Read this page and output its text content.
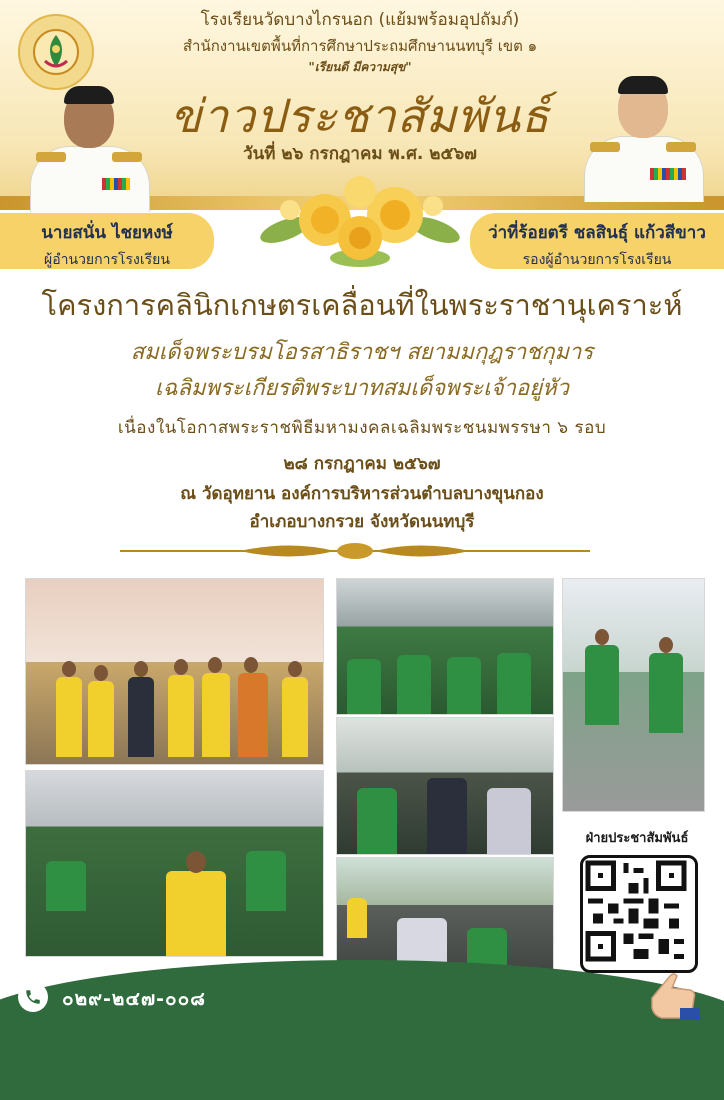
โรงเรียนวัดบางไกรนอก (แย้มพร้อมอุปถัมภ์)
สำนักงานเขตพื้นที่การศึกษาประถมศึกษานนทบุรี เขต ๑
"เรียนดี มีความสุข"
ข่าวประชาสัมพันธ์
วันที่ ๒๖ กรกฎาคม พ.ศ. ๒๕๖๗
นายสนั่น ไชยหงษ์
ผู้อำนวยการโรงเรียน
ว่าที่ร้อยตรี ชลสินธุ์ แก้วสีขาว
รองผู้อำนวยการโรงเรียน
โครงการคลินิกเกษตรเคลื่อนที่ในพระราชานุเคราะห์
สมเด็จพระบรมโอรสาธิราชฯ สยามมกุฎราชกุมาร
เฉลิมพระเกียรติพระบาทสมเด็จพระเจ้าอยู่หัว
เนื่องในโอกาสพระราชพิธีมหามงคลเฉลิมพระชนมพรรษา ๖ รอบ
๒๘ กรกฎาคม ๒๕๖๗
ณ วัดอุทยาน องค์การบริหารส่วนตำบลบางขุนกอง
อำเภอบางกรวย จังหวัดนนทบุรี
ฝ่ายประชาสัมพันธ์
๐๒๙-๒๔๗-๐๐๘
